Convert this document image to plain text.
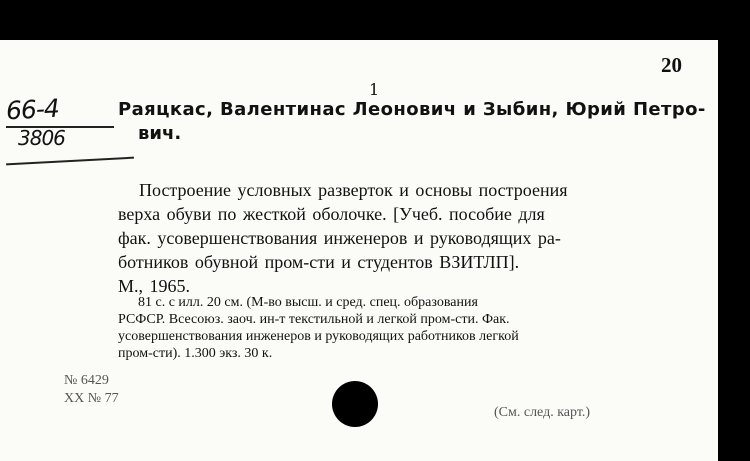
20
1
66-4
3806
Раяцкас, Валентинас Леонович и Зыбин, Юрий Петро-
вич.
Построение условных разверток и основы построения
верха обуви по жесткой оболочке. [Учеб. пособие для
фак. усовершенствования инженеров и руководящих ра-
ботников обувной пром-сти и студентов ВЗИТЛП].
М., 1965.
81 с. с илл. 20 см. (М-во высш. и сред. спец. образования
РСФСР. Всесоюз. заоч. ин-т текстильной и легкой пром-сти. Фак.
усовершенствования инженеров и руководящих работников легкой
пром-сти). 1.300 экз. 30 к.
№ 6429
XX № 77
(См. след. карт.)
